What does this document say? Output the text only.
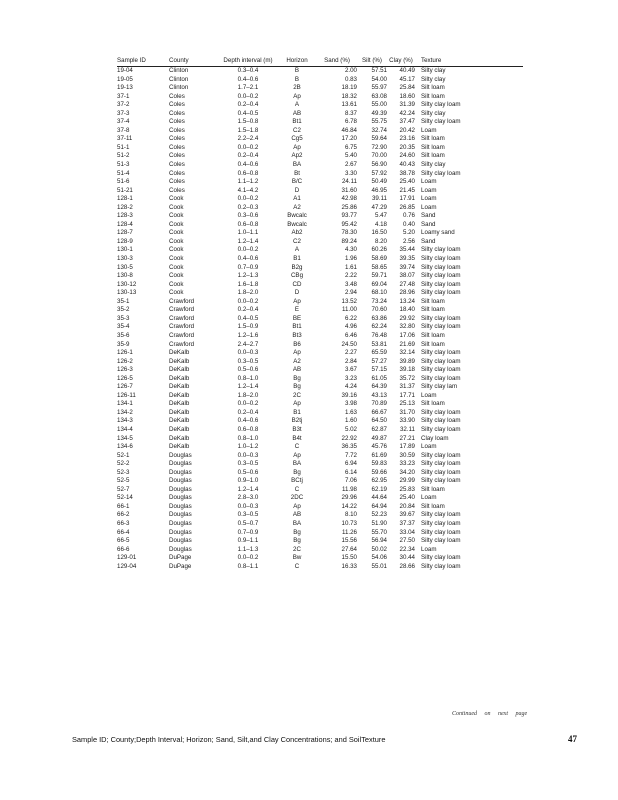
Sample ID	County	Depth interval (m)	Horizon	Sand (%)	Silt (%)	Clay (%)	Texture
19-04	Clinton	0.3–0.4	B	2.00	57.51	40.49	Silty clay
19-05	Clinton	0.4–0.6	B	0.83	54.00	45.17	Silty clay
19-13	Clinton	1.7–2.1	2B	18.19	55.97	25.84	Silt loam
37-1	Coles	0.0–0.2	Ap	18.32	63.08	18.60	Silt loam
37-2	Coles	0.2–0.4	A	13.61	55.00	31.39	Silty clay loam
37-3	Coles	0.4–0.5	AB	8.37	49.39	42.24	Silty clay
37-4	Coles	1.5–0.8	Bt1	6.78	55.75	37.47	Silty clay loam
37-8	Coles	1.5–1.8	C2	46.84	32.74	20.42	Loam
37-11	Coles	2.2–2.4	Cg5	17.20	59.64	23.16	Silt loam
51-1	Coles	0.0–0.2	Ap	6.75	72.90	20.35	Silt loam
51-2	Coles	0.2–0.4	Ap2	5.40	70.00	24.60	Silt loam
51-3	Coles	0.4–0.6	BA	2.67	56.90	40.43	Silty clay
51-4	Coles	0.6–0.8	Bt	3.30	57.92	38.78	Silty clay loam
51-6	Coles	1.1–1.2	B/C	24.11	50.49	25.40	Loam
51-21	Coles	4.1–4.2	D	31.60	46.95	21.45	Loam
128-1	Cook	0.0–0.2	A1	42.98	39.11	17.91	Loam
128-2	Cook	0.2–0.3	A2	25.86	47.29	26.85	Loam
128-3	Cook	0.3–0.6	Bwcalc	93.77	5.47	0.76	Sand
128-4	Cook	0.6–0.8	Bwcalc	95.42	4.18	0.40	Sand
128-7	Cook	1.0–1.1	Ab2	78.30	16.50	5.20	Loamy sand
128-9	Cook	1.2–1.4	C2	89.24	8.20	2.56	Sand
130-1	Cook	0.0–0.2	A	4.30	60.26	35.44	Silty clay loam
130-3	Cook	0.4–0.6	B1	1.96	58.69	39.35	Silty clay loam
130-5	Cook	0.7–0.9	B2g	1.61	58.65	39.74	Silty clay loam
130-8	Cook	1.2–1.3	CBg	2.22	59.71	38.07	Silty clay loam
130-12	Cook	1.6–1.8	CD	3.48	69.04	27.48	Silty clay loam
130-13	Cook	1.8–2.0	D	2.94	68.10	28.96	Silty clay loam
35-1	Crawford	0.0–0.2	Ap	13.52	73.24	13.24	Silt loam
35-2	Crawford	0.2–0.4	E	11.00	70.60	18.40	Silt loam
35-3	Crawford	0.4–0.5	BE	6.22	63.86	29.92	Silty clay loam
35-4	Crawford	1.5–0.9	Bt1	4.96	62.24	32.80	Silty clay loam
35-6	Crawford	1.2–1.6	Bt3	6.46	76.48	17.06	Silt loam
35-9	Crawford	2.4–2.7	B6	24.50	53.81	21.69	Silt loam
126-1	DeKalb	0.0–0.3	Ap	2.27	65.59	32.14	Silty clay loam
126-2	DeKalb	0.3–0.5	A2	2.84	57.27	39.89	Silty clay loam
126-3	DeKalb	0.5–0.6	AB	3.67	57.15	39.18	Silty clay loam
126-5	DeKalb	0.8–1.0	Bg	3.23	61.05	35.72	Silty clay loam
126-7	DeKalb	1.2–1.4	Bg	4.24	64.39	31.37	Silty clay lam
126-11	DeKalb	1.8–2.0	2C	39.16	43.13	17.71	Loam
134-1	DeKalb	0.0–0.2	Ap	3.98	70.89	25.13	Silt loam
134-2	DeKalb	0.2–0.4	B1	1.63	66.67	31.70	Silty clay loam
134-3	DeKalb	0.4–0.6	B2tj	1.60	64.50	33.90	Silty clay loam
134-4	DeKalb	0.6–0.8	B3t	5.02	62.87	32.11	Silty clay loam
134-5	DeKalb	0.8–1.0	B4t	22.92	49.87	27.21	Clay loam
134-6	DeKalb	1.0–1.2	C	36.35	45.76	17.89	Loam
52-1	Douglas	0.0–0.3	Ap	7.72	61.69	30.59	Silty clay loam
52-2	Douglas	0.3–0.5	BA	6.94	59.83	33.23	Silty clay loam
52-3	Douglas	0.5–0.6	Bg	6.14	59.66	34.20	Silty clay loam
52-5	Douglas	0.9–1.0	BCtj	7.06	62.95	29.99	Silty clay loam
52-7	Douglas	1.2–1.4	C	11.98	62.19	25.83	Silt loam
52-14	Douglas	2.8–3.0	2DC	29.96	44.64	25.40	Loam
66-1	Douglas	0.0–0.3	Ap	14.22	64.94	20.84	Silt loam
66-2	Douglas	0.3–0.5	AB	8.10	52.23	39.67	Silty clay loam
66-3	Douglas	0.5–0.7	BA	10.73	51.90	37.37	Silty clay loam
66-4	Douglas	0.7–0.9	Bg	11.26	55.70	33.04	Silty clay loam
66-5	Douglas	0.9–1.1	Bg	15.56	56.94	27.50	Silty clay loam
66-6	Douglas	1.1–1.3	2C	27.64	50.02	22.34	Loam
129-01	DuPage	0.0–0.2	Bw	15.50	54.06	30.44	Silty clay loam
129-04	DuPage	0.8–1.1	C	16.33	55.01	28.66	Silty clay loam
Continued on next page
Sample ID; County;Depth Interval; Horizon; Sand, Silt,and Clay Concentrations; and SoilTexture	47
